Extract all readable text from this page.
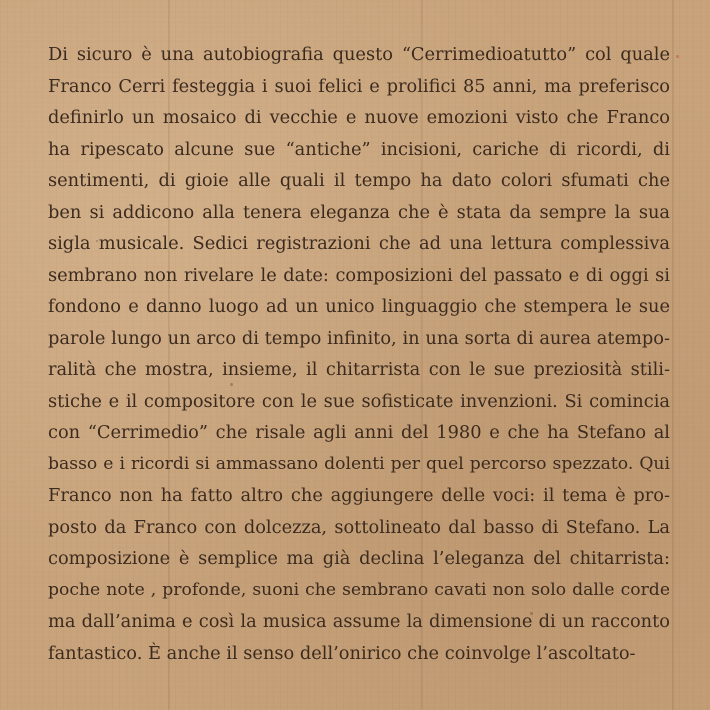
Di sicuro è una autobiografia questo “Cerrimedioatutto” col quale
Franco Cerri festeggia i suoi felici e prolifici 85 anni, ma preferisco
definirlo un mosaico di vecchie e nuove emozioni visto che Franco
ha ripescato alcune sue “antiche” incisioni, cariche di ricordi, di
sentimenti, di gioie alle quali il tempo ha dato colori sfumati che
ben si addicono alla tenera eleganza che è stata da sempre la sua
sigla musicale. Sedici registrazioni che ad una lettura complessiva
sembrano non rivelare le date: composizioni del passato e di oggi si
fondono e danno luogo ad un unico linguaggio che stempera le sue
parole lungo un arco di tempo infinito, in una sorta di aurea atempo-
ralità che mostra, insieme, il chitarrista con le sue preziosità stili-
stiche e il compositore con le sue sofisticate invenzioni. Si comincia
con “Cerrimedio” che risale agli anni del 1980 e che ha Stefano al
basso e i ricordi si ammassano dolenti per quel percorso spezzato. Qui
Franco non ha fatto altro che aggiungere delle voci: il tema è pro-
posto da Franco con dolcezza, sottolineato dal basso di Stefano. La
composizione è semplice ma già declina l’eleganza del chitarrista:
poche note , profonde, suoni che sembrano cavati non solo dalle corde
ma dall’anima e così la musica assume la dimensione di un racconto
fantastico. È anche il senso dell’onirico che coinvolge l’ascoltato-
